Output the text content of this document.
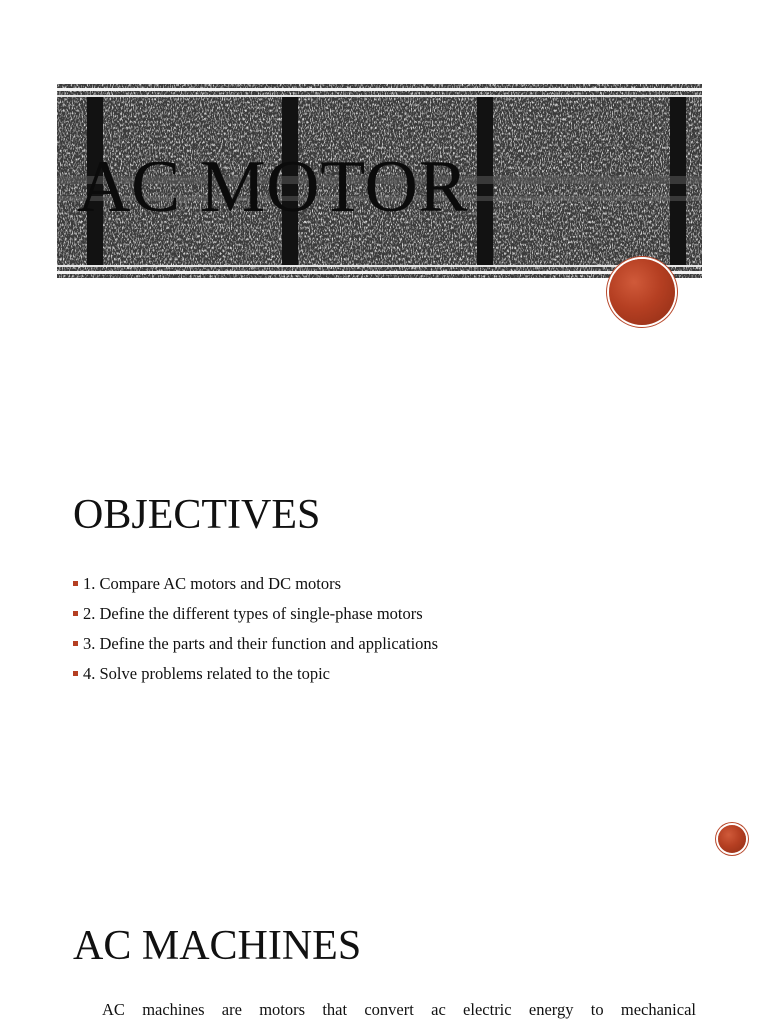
AC MOTOR
OBJECTIVES
1. Compare AC motors and DC motors
2. Define the different types of single-phase motors
3. Define the parts and their function and applications
4. Solve problems related to the topic
AC MACHINES
AC machines are motors that convert ac electric energy to mechanical
